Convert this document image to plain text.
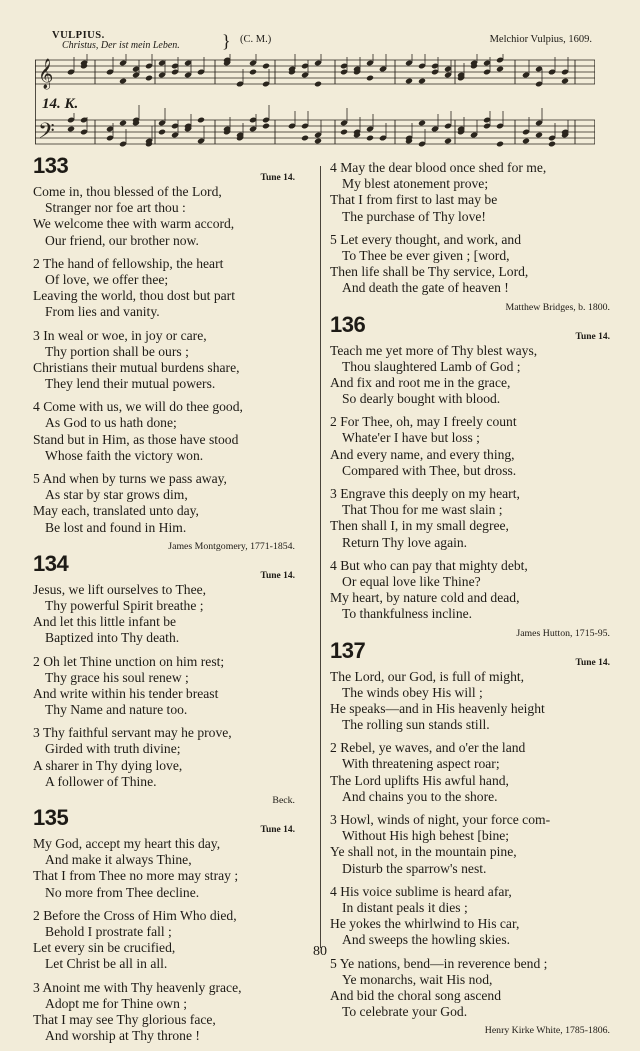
VULPIUS.
Christus, Der ist mein Leben. } (C. M.)	Melchior Vulpius, 1609.
𝄞
𝄢
14. K.
133	Tune 14.
Come in, thou blessed of the Lord,
Stranger nor foe art thou :
We welcome thee with warm accord,
Our friend, our brother now.
2 The hand of fellowship, the heart
Of love, we offer thee;
Leaving the world, thou dost but part
From lies and vanity.
3 In weal or woe, in joy or care,
Thy portion shall be ours ;
Christians their mutual burdens share,
They lend their mutual powers.
4 Come with us, we will do thee good,
As God to us hath done;
Stand but in Him, as those have stood
Whose faith the victory won.
5 And when by turns we pass away,
As star by star grows dim,
May each, translated unto day,
Be lost and found in Him.
James Montgomery, 1771-1854.
134	Tune 14.
Jesus, we lift ourselves to Thee,
Thy powerful Spirit breathe ;
And let this little infant be
Baptized into Thy death.
2 Oh let Thine unction on him rest;
Thy grace his soul renew ;
And write within his tender breast
Thy Name and nature too.
3 Thy faithful servant may he prove,
Girded with truth divine;
A sharer in Thy dying love,
A follower of Thine.
Beck.
135	Tune 14.
My God, accept my heart this day,
And make it always Thine,
That I from Thee no more may stray ;
No more from Thee decline.
2 Before the Cross of Him Who died,
Behold I prostrate fall ;
Let every sin be crucified,
Let Christ be all in all.
3 Anoint me with Thy heavenly grace,
Adopt me for Thine own ;
That I may see Thy glorious face,
And worship at Thy throne !
4 May the dear blood once shed for me,
My blest atonement prove;
That I from first to last may be
The purchase of Thy love!
5 Let every thought, and work, and
To Thee be ever given ; [word,
Then life shall be Thy service, Lord,
And death the gate of heaven !
Matthew Bridges, b. 1800.
136	Tune 14.
Teach me yet more of Thy blest ways,
Thou slaughtered Lamb of God ;
And fix and root me in the grace,
So dearly bought with blood.
2 For Thee, oh, may I freely count
Whate'er I have but loss ;
And every name, and every thing,
Compared with Thee, but dross.
3 Engrave this deeply on my heart,
That Thou for me wast slain ;
Then shall I, in my small degree,
Return Thy love again.
4 But who can pay that mighty debt,
Or equal love like Thine?
My heart, by nature cold and dead,
To thankfulness incline.
James Hutton, 1715-95.
137	Tune 14.
The Lord, our God, is full of might,
The winds obey His will ;
He speaks—and in His heavenly height
The rolling sun stands still.
2 Rebel, ye waves, and o'er the land
With threatening aspect roar;
The Lord uplifts His awful hand,
And chains you to the shore.
3 Howl, winds of night, your force com-
Without His high behest [bine;
Ye shall not, in the mountain pine,
Disturb the sparrow's nest.
4 His voice sublime is heard afar,
In distant peals it dies ;
He yokes the whirlwind to His car,
And sweeps the howling skies.
5 Ye nations, bend—in reverence bend ;
Ye monarchs, wait His nod,
And bid the choral song ascend
To celebrate your God.
Henry Kirke White, 1785-1806.
80
